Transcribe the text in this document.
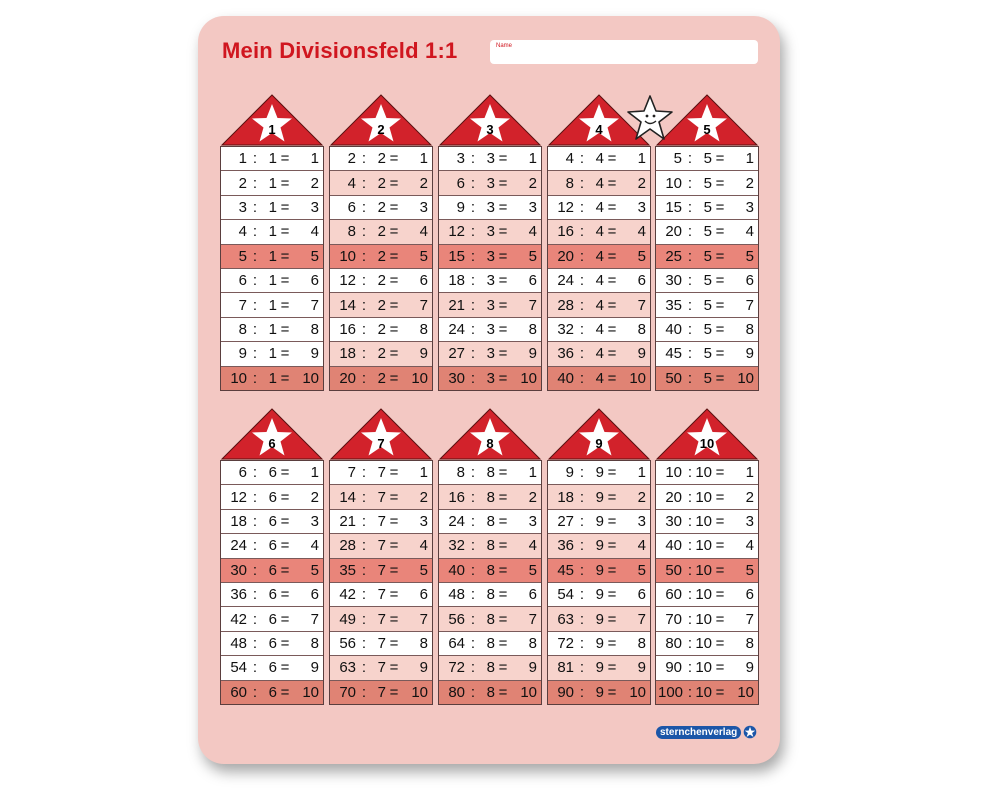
Mein Divisionsfeld 1:1	Name
1
1 : 1 =	1
2 : 1 =	2
3 : 1 =	3
4 : 1 =	4
5 : 1 =	5
6 : 1 =	6
7 : 1 =	7
8 : 1 =	8
9 : 1 =	9
10 : 1 = 10
2
2 : 2 =	1
4 : 2 =	2
6 : 2 =	3
8 : 2 =	4
10 : 2 =	5
12 : 2 =	6
14 : 2 =	7
16 : 2 =	8
18 : 2 =	9
20 : 2 = 10
3
3 : 3 =	1
6 : 3 =	2
9 : 3 =	3
12 : 3 =	4
15 : 3 =	5
18 : 3 =	6
21 : 3 =	7
24 : 3 =	8
27 : 3 =	9
30 : 3 = 10
4
4 : 4 =	1
8 : 4 =	2
12 : 4 =	3
16 : 4 =	4
20 : 4 =	5
24 : 4 =	6
28 : 4 =	7
32 : 4 =	8
36 : 4 =	9
40 : 4 = 10
5
5 : 5 =	1
10 : 5 =	2
15 : 5 =	3
20 : 5 =	4
25 : 5 =	5
30 : 5 =	6
35 : 5 =	7
40 : 5 =	8
45 : 5 =	9
50 : 5 = 10
6
6 : 6 =	1
12 : 6 =	2
18 : 6 =	3
24 : 6 =	4
30 : 6 =	5
36 : 6 =	6
42 : 6 =	7
48 : 6 =	8
54 : 6 =	9
60 : 6 = 10
7
7 : 7 =	1
14 : 7 =	2
21 : 7 =	3
28 : 7 =	4
35 : 7 =	5
42 : 7 =	6
49 : 7 =	7
56 : 7 =	8
63 : 7 =	9
70 : 7 = 10
8
8 : 8 =	1
16 : 8 =	2
24 : 8 =	3
32 : 8 =	4
40 : 8 =	5
48 : 8 =	6
56 : 8 =	7
64 : 8 =	8
72 : 8 =	9
80 : 8 = 10
9
9 : 9 =	1
18 : 9 =	2
27 : 9 =	3
36 : 9 =	4
45 : 9 =	5
54 : 9 =	6
63 : 9 =	7
72 : 9 =	8
81 : 9 =	9
90 : 9 = 10
10
10 : 10 =	1
20 : 10 =	2
30 : 10 =	3
40 : 10 =	4
50 : 10 =	5
60 : 10 =	6
70 : 10 =	7
80 : 10 =	8
90 : 10 =	9
100 : 10 = 10
sternchenverlag
